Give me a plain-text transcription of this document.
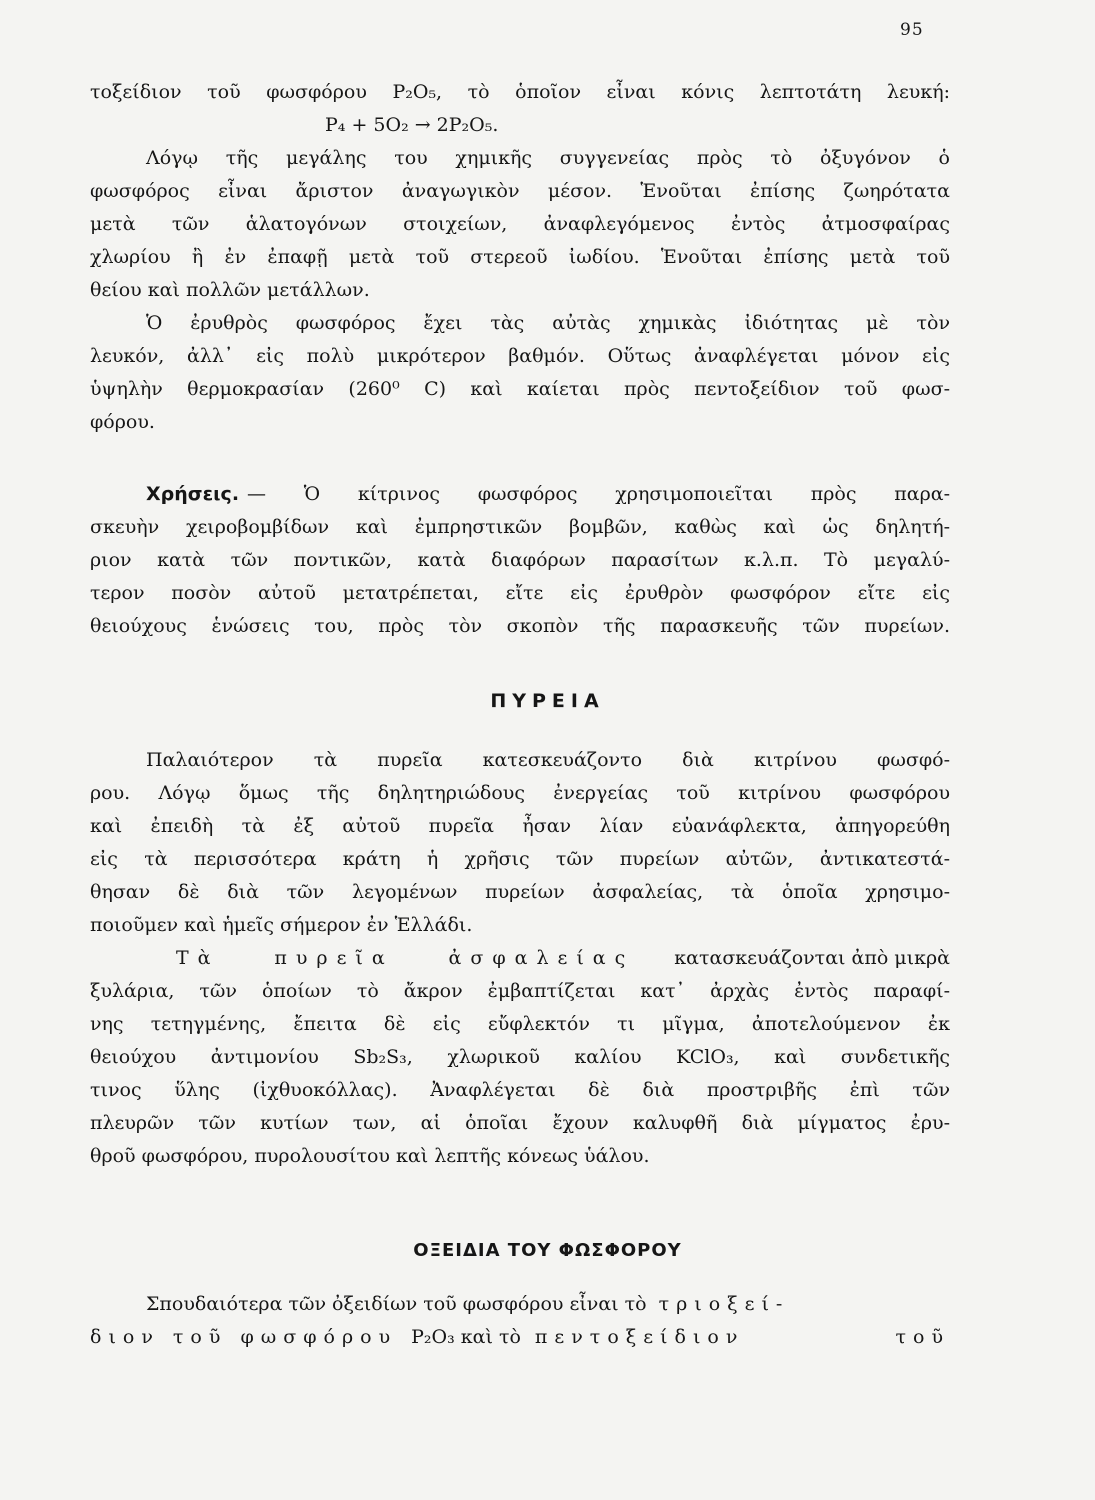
95
τοξείδιον τοῦ φωσφόρου P₂O₅, τὸ ὁποῖον εἶναι κόνις λεπτοτάτη λευκή:
P₄ + 5O₂ → 2P₂O₅.
Λόγῳ τῆς μεγάλης του χημικῆς συγγενείας πρὸς τὸ ὀξυγόνον ὁ
φωσφόρος εἶναι ἄριστον ἀναγωγικὸν μέσον. Ἑνοῦται ἐπίσης ζωηρότατα
μετὰ τῶν ἁλατογόνων στοιχείων, ἀναφλεγόμενος ἐντὸς ἀτμοσφαίρας
χλωρίου ἢ ἐν ἐπαφῇ μετὰ τοῦ στερεοῦ ἰωδίου. Ἑνοῦται ἐπίσης μετὰ τοῦ
θείου καὶ πολλῶν μετάλλων.
Ὁ ἐρυθρὸς φωσφόρος ἔχει τὰς αὐτὰς χημικὰς ἰδιότητας μὲ τὸν
λευκόν, ἀλλ᾽ εἰς πολὺ μικρότερον βαθμόν. Οὕτως ἀναφλέγεται μόνον εἰς
ὑψηλὴν θερμοκρασίαν (260⁰ C) καὶ καίεται πρὸς πεντοξείδιον τοῦ φωσ-
φόρου.
Χρήσεις. — Ὁ κίτρινος φωσφόρος χρησιμοποιεῖται πρὸς παρα-
σκευὴν χειροβομβίδων καὶ ἐμπρηστικῶν βομβῶν, καθὼς καὶ ὡς δηλητή-
ριον κατὰ τῶν ποντικῶν, κατὰ διαφόρων παρασίτων κ.λ.π. Τὸ μεγαλύ-
τερον ποσὸν αὐτοῦ μετατρέπεται, εἴτε εἰς ἐρυθρὸν φωσφόρον εἴτε εἰς
θειούχους ἑνώσεις του, πρὸς τὸν σκοπὸν τῆς παρασκευῆς τῶν πυρείων.
ΠΥΡΕΙΑ
Παλαιότερον τὰ πυρεῖα κατεσκευάζοντο διὰ κιτρίνου φωσφό-
ρου. Λόγῳ ὅμως τῆς δηλητηριώδους ἐνεργείας τοῦ κιτρίνου φωσφόρου
καὶ ἐπειδὴ τὰ ἐξ αὐτοῦ πυρεῖα ἦσαν λίαν εὐανάφλεκτα, ἀπηγορεύθη
εἰς τὰ περισσότερα κράτη ἡ χρῆσις τῶν πυρείων αὐτῶν, ἀντικατεστά-
θησαν δὲ διὰ τῶν λεγομένων πυρείων ἀσφαλείας, τὰ ὁποῖα χρησιμο-
ποιοῦμεν καὶ ἡμεῖς σήμερον ἐν Ἑλλάδι.
Τὰ πυρεῖα ἀσφαλείας	κατασκευάζονται ἀπὸ μικρὰ
ξυλάρια, τῶν ὁποίων τὸ ἄκρον ἐμβαπτίζεται κατ᾽ ἀρχὰς ἐντὸς παραφί-
νης τετηγμένης, ἔπειτα δὲ εἰς εὔφλεκτόν τι μῖγμα, ἀποτελούμενον ἐκ
θειούχου ἀντιμονίου Sb₂S₃, χλωρικοῦ καλίου KClO₃, καὶ συνδετικῆς
τινος ὕλης (ἰχθυοκόλλας). Ἀναφλέγεται δὲ διὰ προστριβῆς ἐπὶ τῶν
πλευρῶν τῶν κυτίων των, αἱ ὁποῖαι ἔχουν καλυφθῆ διὰ μίγματος ἐρυ-
θροῦ φωσφόρου, πυρολουσίτου καὶ λεπτῆς κόνεως ὑάλου.
ΟΞΕΙΔΙΑ ΤΟΥ ΦΩΣΦΟΡΟΥ
Σπουδαιότερα τῶν ὀξειδίων τοῦ φωσφόρου εἶναι τὸ τριοξεί-
διον τοῦ φωσφόρου P₂O₃ καὶ τὸ πεντοξείδιον τοῦ
